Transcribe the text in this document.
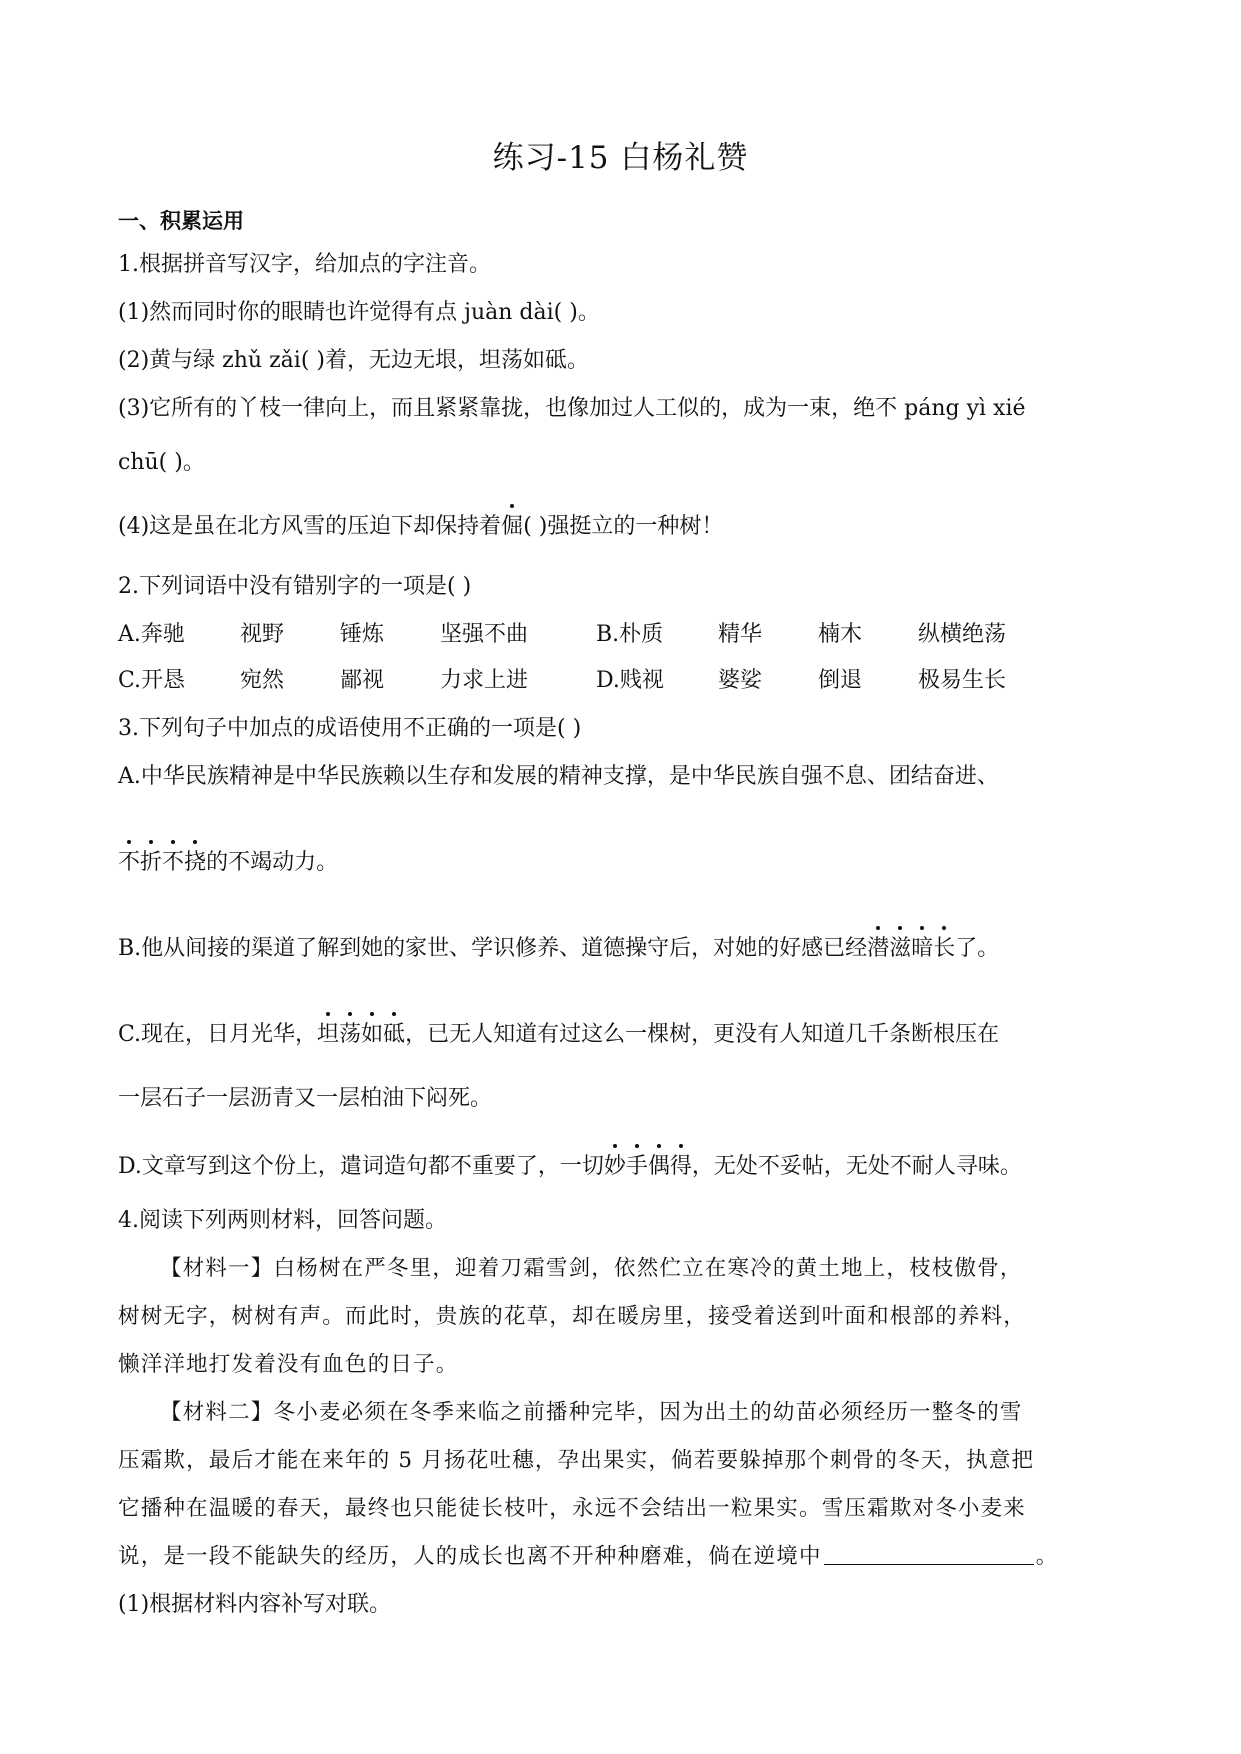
练习-15 白杨礼赞
一、积累运用
1.根据拼音写汉字，给加点的字注音。
(1)然而同时你的眼睛也许觉得有点 juàn dài( )。
(2)黄与绿 zhǔ zǎi( )着，无边无垠，坦荡如砥。
(3)它所有的丫枝一律向上，而且紧紧靠拢，也像加过人工似的，成为一束，绝不 páng yì xié
chū( )。
(4)这是虽在北方风雪的压迫下却保持着倔( )强挺立的一种树！
2.下列词语中没有错别字的一项是( )
A.奔驰	视野	锤炼	坚强不曲	B.朴质 精华	楠木	纵横绝荡
C.开恳 宛然	鄙视	力求上进	D.贱视 婆娑	倒退	极易生长
3.下列句子中加点的成语使用不正确的一项是( )
A.中华民族精神是中华民族赖以生存和发展的精神支撑，是中华民族自强不息、团结奋进、
不折不挠的不竭动力。
B.他从间接的渠道了解到她的家世、学识修养、道德操守后，对她的好感已经潜滋暗长了。
C.现在，日月光华，坦荡如砥，已无人知道有过这么一棵树，更没有人知道几千条断根压在
一层石子一层沥青又一层柏油下闷死。
D.文章写到这个份上，遣词造句都不重要了，一切妙手偶得，无处不妥帖，无处不耐人寻味。
4.阅读下列两则材料，回答问题。
【材料一】白杨树在严冬里，迎着刀霜雪剑，依然伫立在寒冷的黄土地上，枝枝傲骨，
树树无字，树树有声。而此时，贵族的花草，却在暖房里，接受着送到叶面和根部的养料，
懒洋洋地打发着没有血色的日子。
【材料二】冬小麦必须在冬季来临之前播种完毕，因为出土的幼苗必须经历一整冬的雪
压霜欺，最后才能在来年的 5 月扬花吐穗，孕出果实，倘若要躲掉那个刺骨的冬天，执意把
它播种在温暖的春天，最终也只能徒长枝叶，永远不会结出一粒果实。雪压霜欺对冬小麦来
说，是一段不能缺失的经历，人的成长也离不开种种磨难，倘在逆境中	。
(1)根据材料内容补写对联。
